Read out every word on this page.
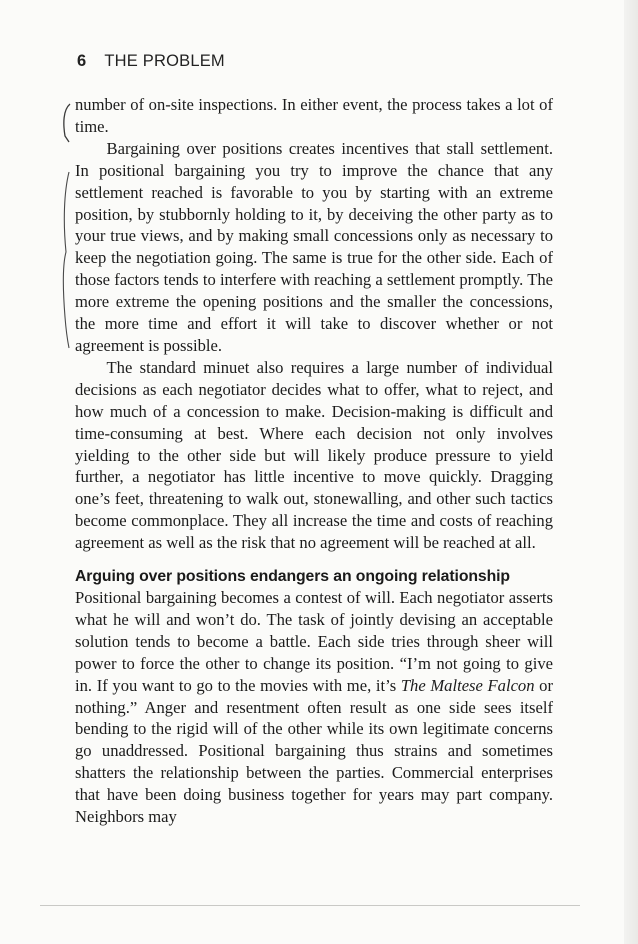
6 THE PROBLEM

number of on-site inspections. In either event, the process takes a lot of time.

Bargaining over positions creates incentives that stall settlement. In positional bargaining you try to improve the chance that any settlement reached is favorable to you by starting with an extreme position, by stubbornly holding to it, by deceiving the other party as to your true views, and by making small concessions only as necessary to keep the negotiation going. The same is true for the other side. Each of those factors tends to interfere with reaching a settlement promptly. The more extreme the opening positions and the smaller the concessions, the more time and effort it will take to discover whether or not agreement is possible.

The standard minuet also requires a large number of individual decisions as each negotiator decides what to offer, what to reject, and how much of a concession to make. Decision-making is difficult and time-consuming at best. Where each decision not only involves yielding to the other side but will likely produce pressure to yield further, a negotiator has little incentive to move quickly. Dragging one’s feet, threatening to walk out, stonewalling, and other such tactics become commonplace. They all increase the time and costs of reaching agreement as well as the risk that no agreement will be reached at all.

Arguing over positions endangers an ongoing relationship

Positional bargaining becomes a contest of will. Each negotiator asserts what he will and won’t do. The task of jointly devising an acceptable solution tends to become a battle. Each side tries through sheer will power to force the other to change its position. “I’m not going to give in. If you want to go to the movies with me, it’s The Maltese Falcon or nothing.” Anger and resentment often result as one side sees itself bending to the rigid will of the other while its own legitimate concerns go unaddressed. Positional bargaining thus strains and sometimes shatters the relationship between the parties. Commercial enterprises that have been doing business together for years may part company. Neighbors may
